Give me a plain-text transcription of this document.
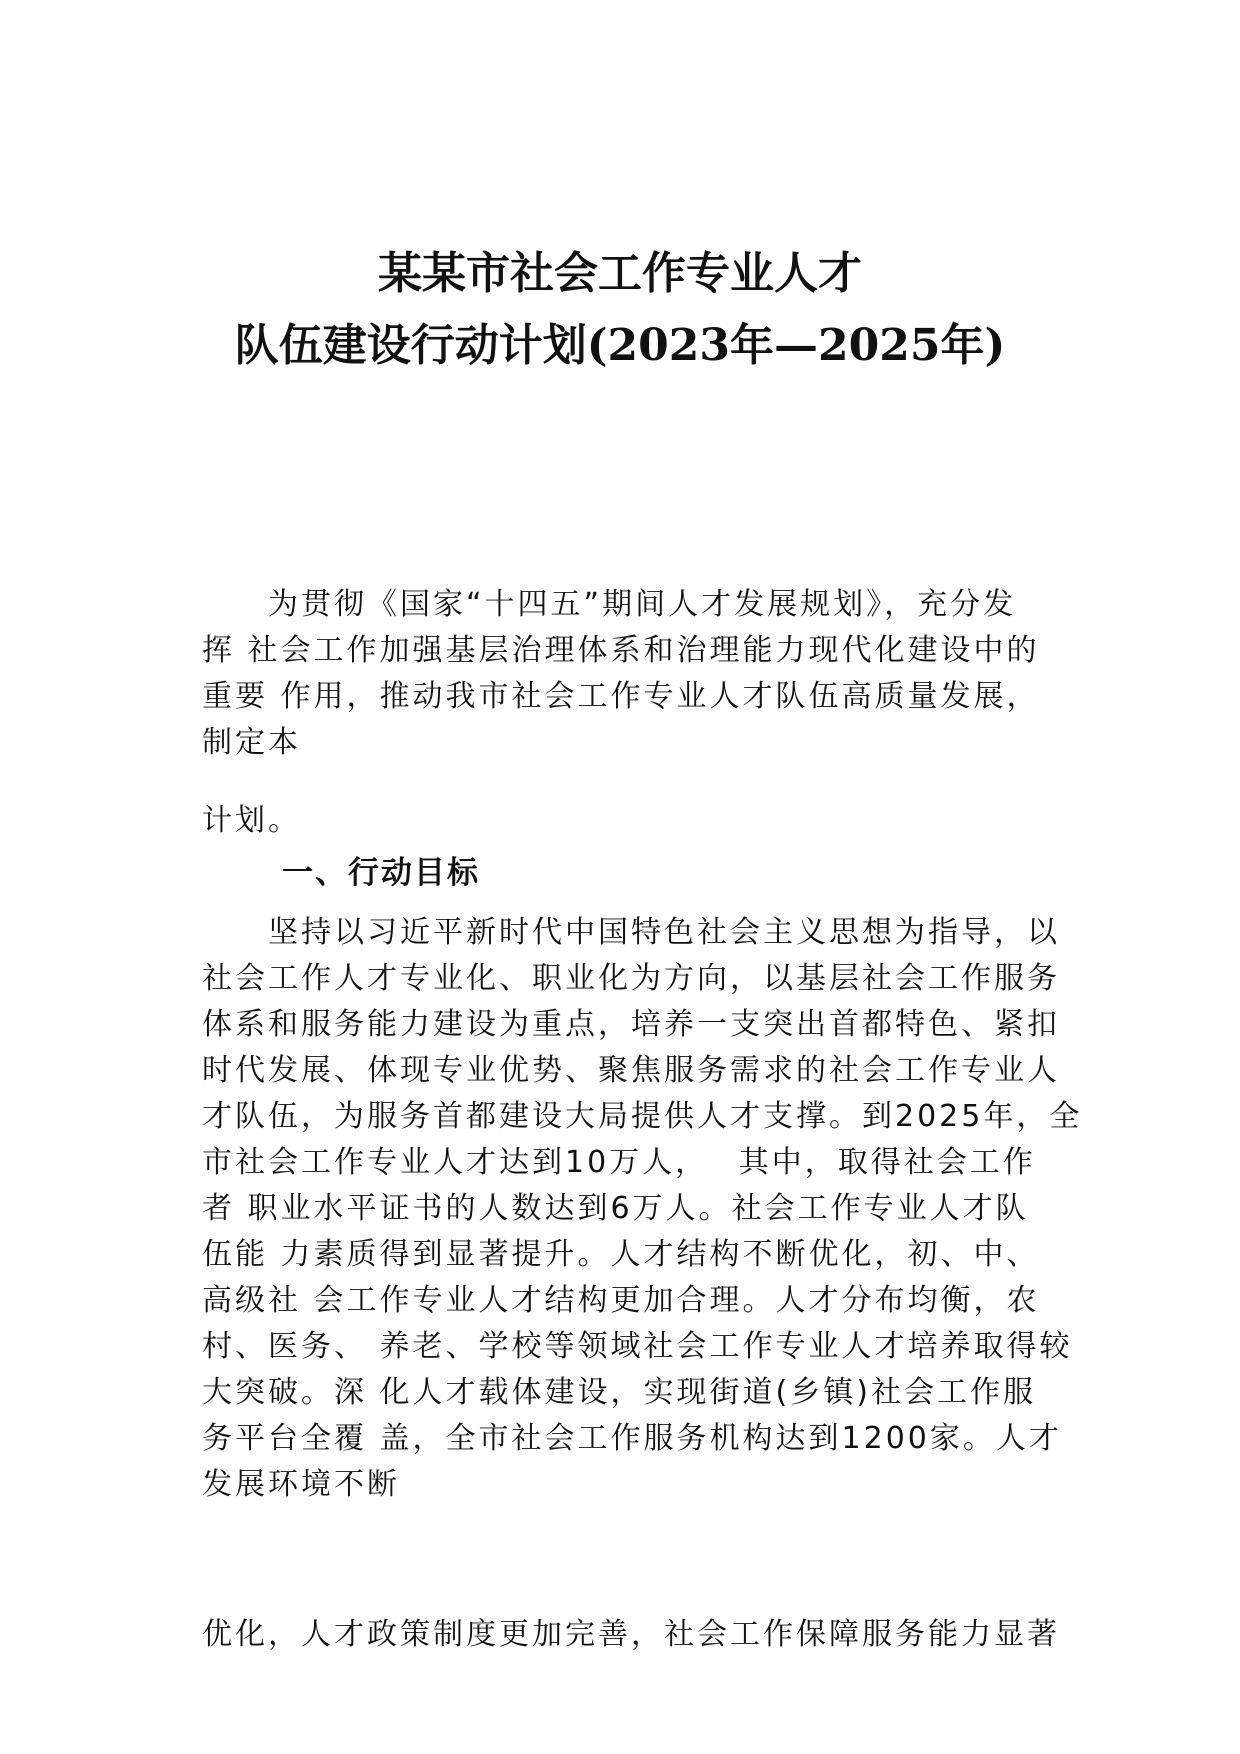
某某市社会工作专业人才
队伍建设行动计划(2023年—2025年)
　　为贯彻《国家“十四五”期间人才发展规划》，充分发
挥 社会工作加强基层治理体系和治理能力现代化建设中的
重要 作用，推动我市社会工作专业人才队伍高质量发展，
制定本
计划。
一、行动目标
　　坚持以习近平新时代中国特色社会主义思想为指导，以
社会工作人才专业化、职业化为方向，以基层社会工作服务
体系和服务能力建设为重点，培养一支突出首都特色、紧扣
时代发展、体现专业优势、聚焦服务需求的社会工作专业人
才队伍，为服务首都建设大局提供人才支撑。到2025年，全
市社会工作专业人才达到10万人，　 其中，取得社会工作
者 职业水平证书的人数达到6万人。社会工作专业人才队
伍能 力素质得到显著提升。人才结构不断优化，初、中、
高级社 会工作专业人才结构更加合理。人才分布均衡，农
村、医务、 养老、学校等领域社会工作专业人才培养取得较
大突破。深 化人才载体建设，实现街道(乡镇)社会工作服
务平台全覆 盖，全市社会工作服务机构达到1200家。人才
发展环境不断
优化，人才政策制度更加完善，社会工作保障服务能力显著
